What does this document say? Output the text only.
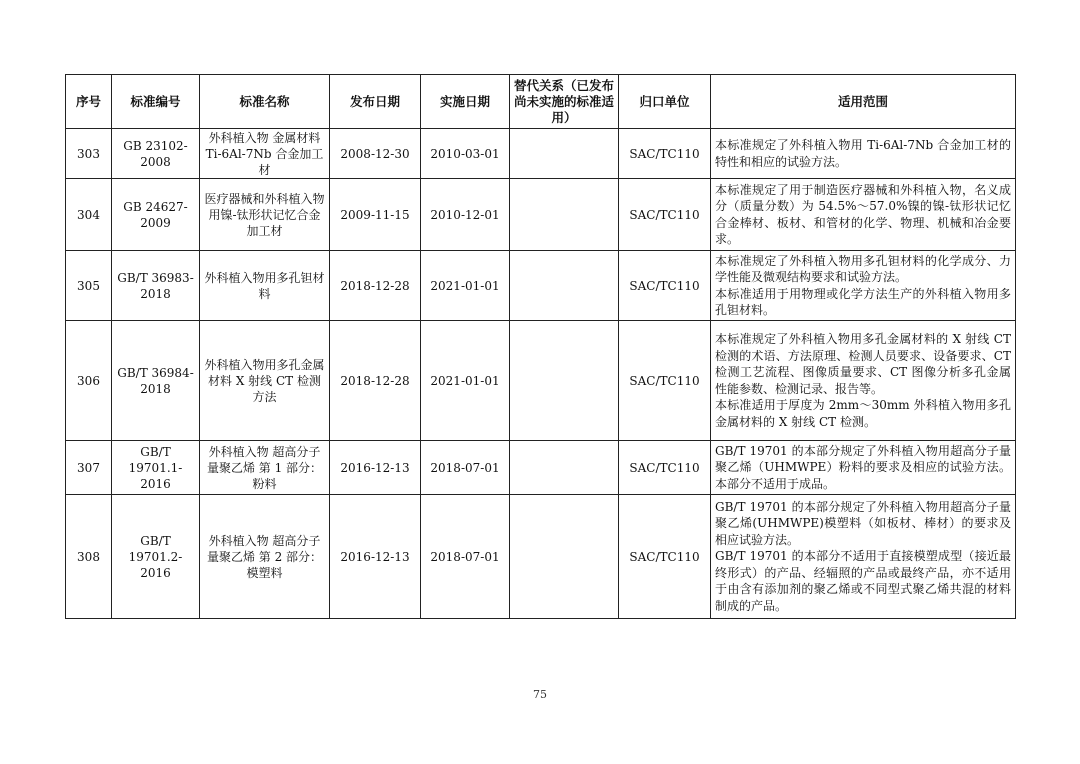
序号	标准编号	标准名称	发布日期	实施日期	替代关系（已发布尚未实施的标准适用）	归口单位	适用范围
303	GB 23102-2008	外科植入物 金属材料 Ti-6Al-7Nb 合金加工材	2008-12-30	2010-03-01		SAC/TC110	本标准规定了外科植入物用 Ti-6Al-7Nb 合金加工材的特性和相应的试验方法。

304	GB 24627-2009	医疗器械和外科植入物用镍-钛形状记忆合金加工材	2009-11-15	2010-12-01		SAC/TC110	本标准规定了用于制造医疗器械和外科植入物，名义成分（质量分数）为 54.5%～57.0%镍的镍-钛形状记忆合金棒材、板材、和管材的化学、物理、机械和冶金要求。

305	GB/T 36983-2018	外科植入物用多孔钽材料	2018-12-28	2021-01-01		SAC/TC110	本标准规定了外科植入物用多孔钽材料的化学成分、力学性能及微观结构要求和试验方法。
本标准适用于用物理或化学方法生产的外科植入物用多孔钽材料。

306	GB/T 36984-2018	外科植入物用多孔金属材料 X 射线 CT 检测方法	2018-12-28	2021-01-01		SAC/TC110	本标准规定了外科植入物用多孔金属材料的 X 射线 CT 检测的术语、方法原理、检测人员要求、设备要求、CT 检测工艺流程、图像质量要求、CT 图像分析多孔金属性能参数、检测记录、报告等。
本标准适用于厚度为 2mm～30mm 外科植入物用多孔金属材料的 X 射线 CT 检测。

307	GB/T 19701.1-2016	外科植入物 超高分子量聚乙烯 第 1 部分：粉料	2016-12-13	2018-07-01		SAC/TC110	GB/T 19701 的本部分规定了外科植入物用超高分子量聚乙烯（UHMWPE）粉料的要求及相应的试验方法。本部分不适用于成品。

308	GB/T 19701.2-2016	外科植入物 超高分子量聚乙烯 第 2 部分：模塑料	2016-12-13	2018-07-01		SAC/TC110	GB/T 19701 的本部分规定了外科植入物用超高分子量聚乙烯(UHMWPE)模塑料（如板材、棒材）的要求及相应试验方法。
GB/T 19701 的本部分不适用于直接模塑成型（接近最终形式）的产品、经辐照的产品或最终产品，亦不适用于由含有添加剂的聚乙烯或不同型式聚乙烯共混的材料制成的产品。
75
